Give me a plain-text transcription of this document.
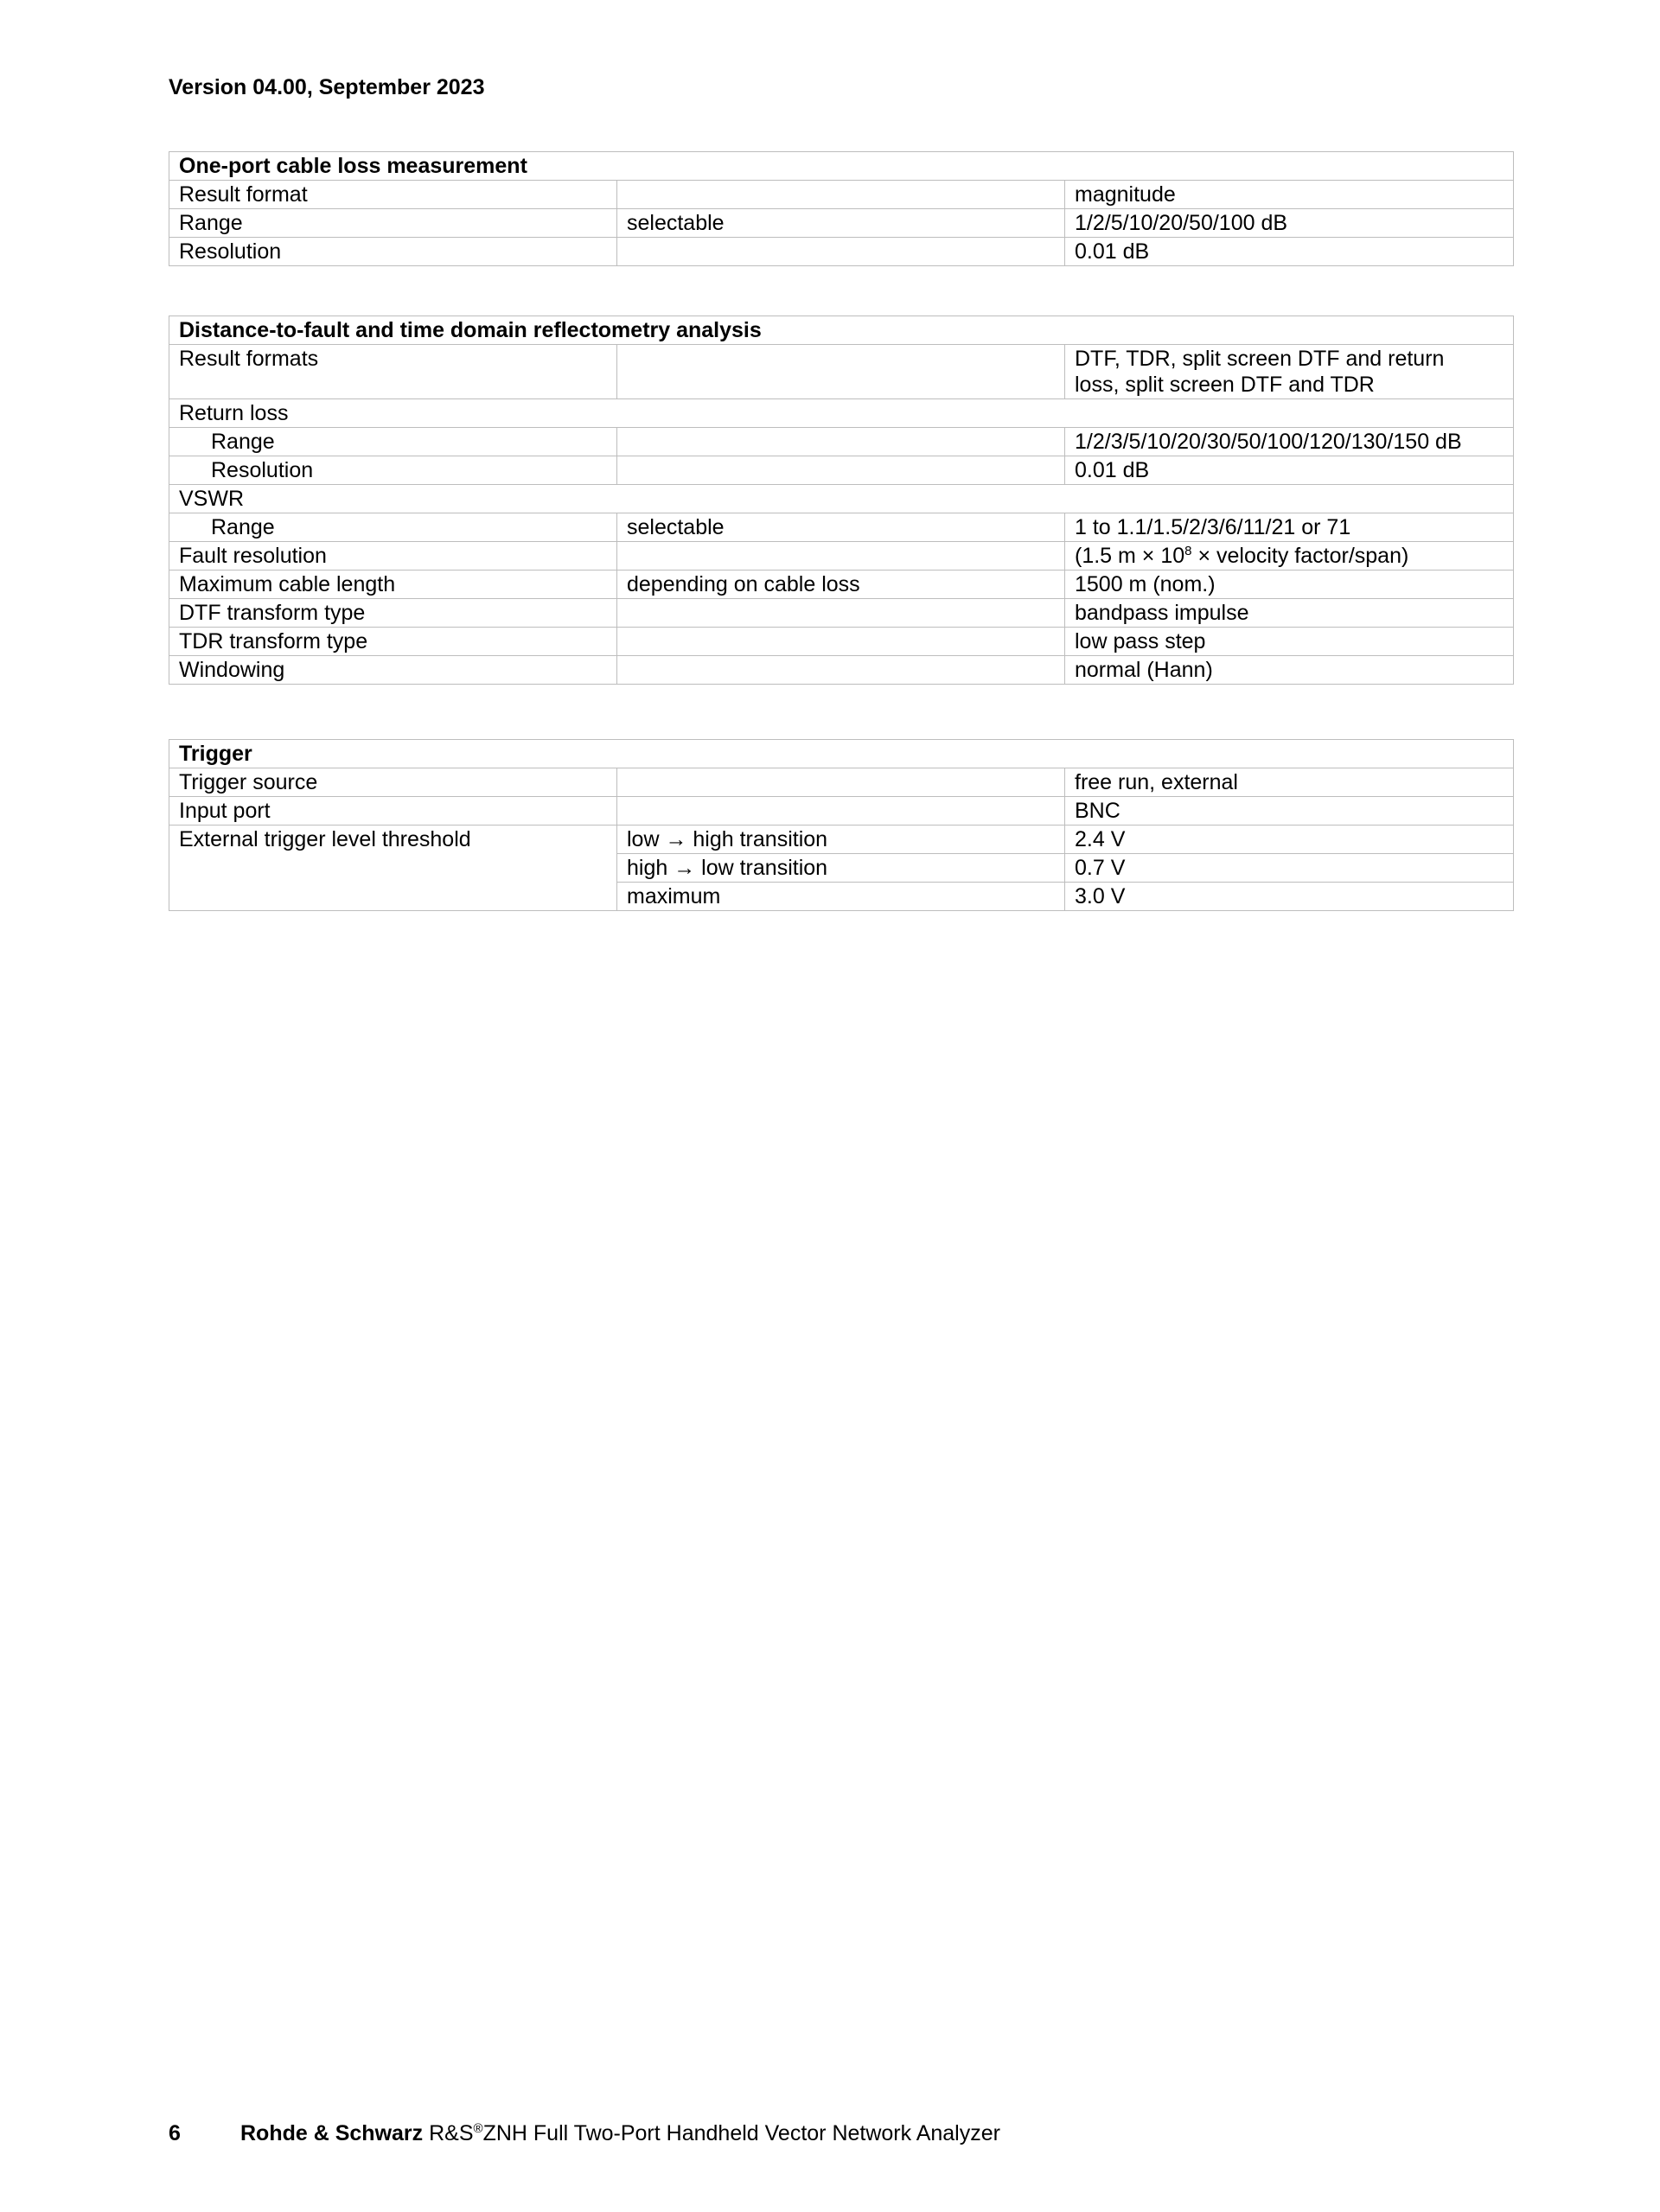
Version 04.00, September 2023
One-port cable loss measurement		
Result format		magnitude
Range	selectable	1/2/5/10/20/50/100 dB
Resolution		0.01 dB
Distance-to-fault and time domain reflectometry analysis		
Result formats		DTF, TDR, split screen DTF and return
loss, split screen DTF and TDR
Return loss		
Range		1/2/3/5/10/20/30/50/100/120/130/150 dB
Resolution		0.01 dB
VSWR		
Range	selectable	1 to 1.1/1.5/2/3/6/11/21 or 71
Fault resolution		(1.5 $m \times 10^8$ × velocity factor/span)
Maximum cable length	depending on cable loss	1500 m (nom.)
DTF transform type		bandpass impulse
TDR transform type		low pass step
Windowing		normal (Hann)
Trigger		
Trigger source		free run, external
Input port		BNC
External trigger level threshold	low → high transition	2.4 V
	high → low transition	0.7 V
	maximum	3.0 V
6	Rohde & Schwarz R&S®ZNH Full Two-Port Handheld Vector Network Analyzer
